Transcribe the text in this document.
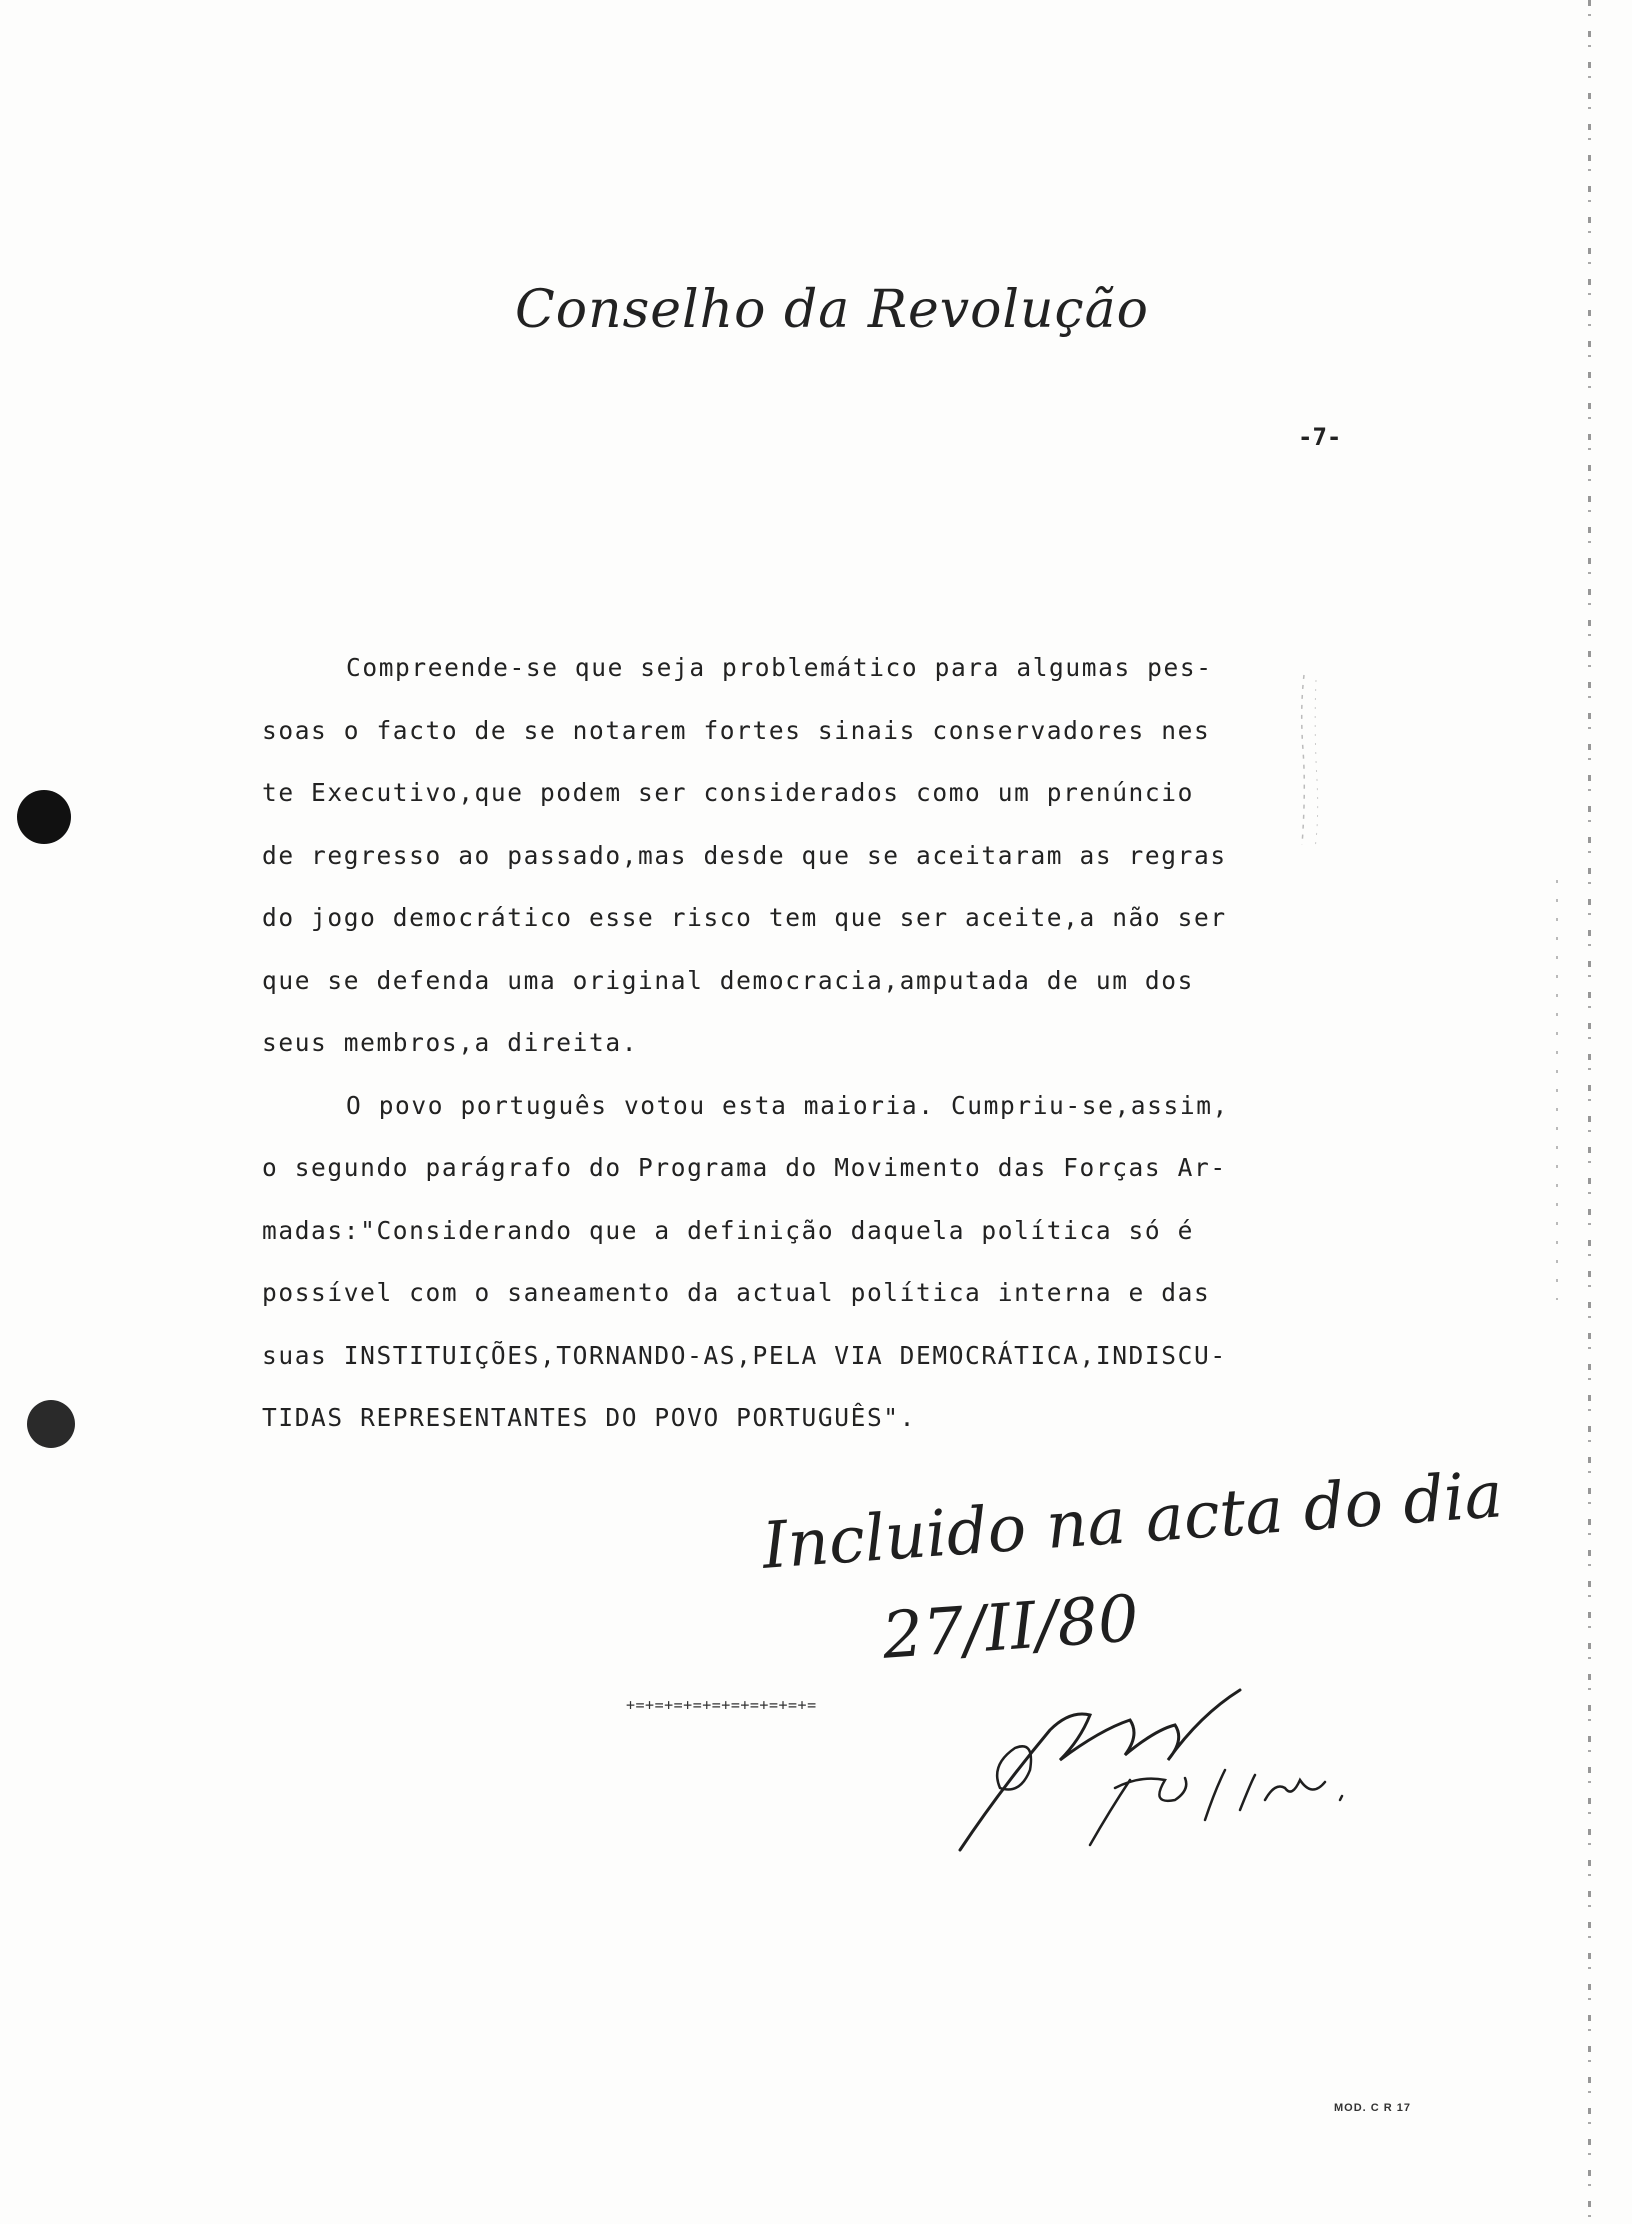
Conselho da Revolução
-7-
Compreende-se que seja problemático para algumas pes-
soas o facto de se notarem fortes sinais conservadores nes
te Executivo,que podem ser considerados como um prenúncio
de regresso ao passado,mas desde que se aceitaram as regras
do jogo democrático esse risco tem que ser aceite,a não ser
que se defenda uma original democracia,amputada de um dos
seus membros,a direita.
O povo português votou esta maioria. Cumpriu-se,assim,
o segundo parágrafo do Programa do Movimento das Forças Ar-
madas:"Considerando que a definição daquela política só é
possível com o saneamento da actual política interna e das
suas INSTITUIÇÕES,TORNANDO-AS,PELA VIA DEMOCRÁTICA,INDISCU-
TIDAS REPRESENTANTES DO POVO PORTUGUÊS".
+=+=+=+=+=+=+=+=+=+=
Incluido na acta do dia
27/II/80
MOD. C R 17
